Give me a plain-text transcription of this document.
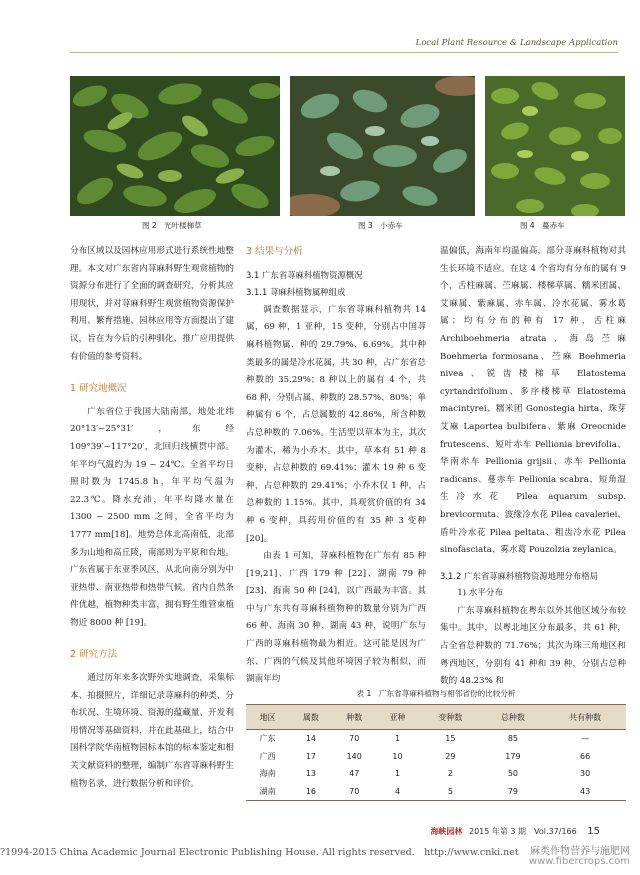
Local Plant Resource & Landscape Application
图 2　光叶楼梯草	图 3　小赤车	图 4　蔓赤车

分布区域以及园林应用形式进行系统性地整理。本文对广东省内荨麻科野生观赏植物的资源分布进行了全面的调查研究，分析其应用现状，并对荨麻科野生观赏植物资源保护利用、繁育措施、园林应用等方面提出了建议，旨在为今后的引种驯化、推广应用提供有价值的参考资料。

1 研究地概况

广东省位于我国大陆南部，地处北纬 20°13′~25°31′，东经 109°39′~117°20′，北回归线横贯中部。年平均气温约为 19 ~ 24℃。全省平均日照时数为 1745.8 h，年平均气温为 22.3℃。降水充沛，年平均降水量在 1300 ~ 2500 mm 之间，全省平均为 1777 mm[18]。地势总体北高南低，北部多为山地和高丘陵，南部则为平原和台地。广东省属于东亚季风区，从北向南分别为中亚热带、南亚热带和热带气候。省内自然条件优越，植物种类丰富，拥有野生维管束植物近 8000 种 [19]。

2 研究方法

通过历年来多次野外实地调查，采集标本、拍摄照片，详细记录荨麻科的种类、分布状况、生境环境、资源的蕴藏量、开发利用情况等基础资料，并在此基础上，结合中国科学院华南植物园标本馆的标本鉴定和相关文献资料的整理，编制广东省荨麻科野生植物名录，进行数据分析和评价。

3 结果与分析
3.1 广东省荨麻科植物资源概况
3.1.1 荨麻科植物属种组成

调查数据显示，广东省荨麻科植物共 14 属，69 种，1 亚种，15 变种，分别占中国荨麻科植物属、种的 29.79%、6.69%。其中种类最多的属是冷水花属，共 30 种，占广东省总种数的 35.29%；8 种以上的属有 4 个，共 68 种，分别占属、种数的 28.57%、80%；单种属有 6 个，占总属数的 42.86%，所含种数占总种数的 7.06%。生活型以草本为主，其次为灌木，稀为小乔木。其中，草本有 51 种 8 变种，占总种数的 69.41%；灌木 19 种 6 变种，占总种数的 29.41%；小乔木仅 1 种，占总种数的 1.15%。其中，具观赏价值的有 34 种 6 变种，具药用价值的有 35 种 3 变种 [20]。

由表 1 可知，荨麻科植物在广东有 85 种 [19,21]、广西 179 种 [22]、湖南 79 种 [23]、海南 50 种 [24]，以广西最为丰富。其中与广东共有荨麻科植物种的数量分别为广西 66 种、海南 30 种、湖南 43 种，说明广东与广西的荨麻科植物最为相近。这可能是因为广东、广西的气候及其他环境因子较为相似，而湖南年均

温偏低，海南年均温偏高，部分荨麻科植物对其生长环境不适应。在这 4 个省均有分布的属有 9 个，舌柱麻属、苎麻属、楼梯草属、糯米团属、艾麻属、紫麻属、赤车属、冷水花属、雾水葛属；均有分布的种有 17 种，舌柱麻 Archiboehmeria atrata、海岛苎麻 Boehmeria formosana、苎麻 Boehmeria nivea、锐齿楼梯草 Elatostema cyrtandrifolium、多序楼梯草 Elatostema macintyrei、糯米团 Gonostegia hirta、珠芽艾麻 Laportea bulbifera、紫麻 Oreocnide frutescens、短叶赤车 Pellionia brevifolia、华南赤车 Pellionia grijsii、赤车 Pellionia radicans、蔓赤车 Pellionia scabra、短角湿生冷水花 Pilea aquarum subsp. brevicornuta、波缘冷水花 Pilea cavaleriei、盾叶冷水花 Pilea peltata、粗齿冷水花 Pilea sinofasciata、雾水葛 Pouzolzia zeylanica。

3.1.2 广东省荨麻科植物资源地理分布格局

1) 水平分布

广东荨麻科植物在粤东以外其他区域分布较集中。其中，以粤北地区分布最多，共 61 种，占全省总种数的 71.76%；其次为珠三角地区和粤西地区，分别有 41 种和 39 种，分别占总种数的 48.23% 和

表 1　广东省荨麻科植物与相邻省份的比较分析
地区	属数	种数	亚种	变种数	总种数	共有种数
广东	14	70	1	15	85	—
广西	17	140	10	29	179	66
海南	13	47	1	2	50	30
湖南	16	70	4	5	79	43
海峡园林 2015 年第 3 期　Vol.37/166 15
?1994-2015 China Academic Journal Electronic Publishing House. All rights reserved.　http://www.cnki.net 麻类作物营养与施肥网
www.fibercrops.com
